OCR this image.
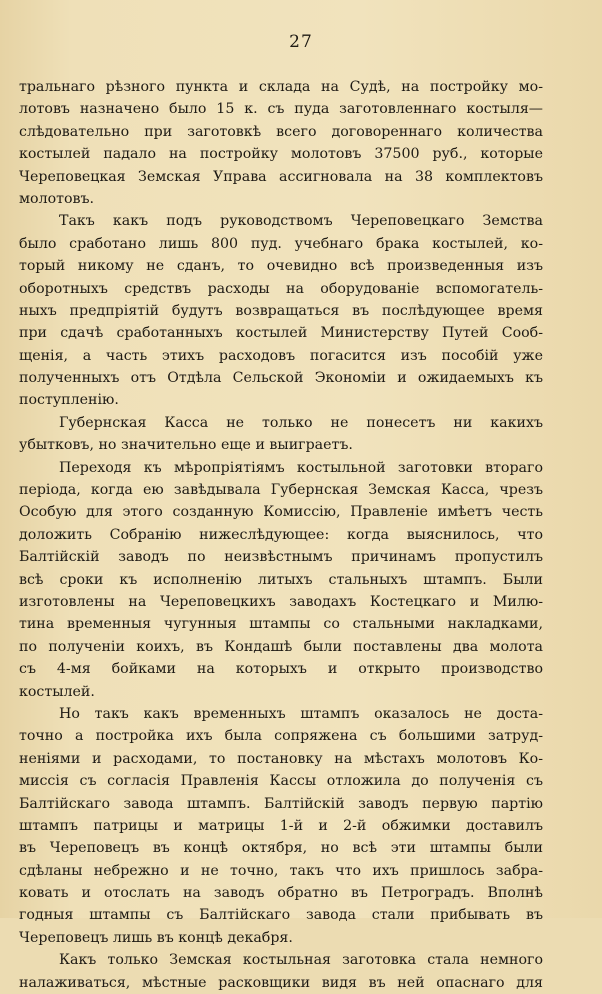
27

тральнаго рѣзного пункта и склада на Судѣ, на постройку мо-
лотовъ назначено было 15 к. съ пуда заготовленнаго костыля—
слѣдовательно при заготовкѣ всего договореннаго количества
костылей падало на постройку молотовъ 37500 руб., которые
Череповецкая Земская Управа ассигновала на 38 комплектовъ
молотовъ.

Такъ какъ подъ руководствомъ Череповецкаго Земства
было сработано лишь 800 пуд. учебнаго брака костылей, ко-
торый никому не сданъ, то очевидно всѣ произведенныя изъ
оборотныхъ средствъ расходы на оборудованіе вспомогатель-
ныхъ предпріятій будутъ возвращаться въ послѣдующее время
при сдачѣ сработанныхъ костылей Министерству Путей Сооб-
щенія, а часть этихъ расходовъ погасится изъ пособій уже
полученныхъ отъ Отдѣла Сельской Экономіи и ожидаемыхъ къ
поступленію.

Губернская Касса не только не понесетъ ни какихъ
убытковъ, но значительно еще и выиграетъ.

Переходя къ мѣропріятіямъ костыльной заготовки втораго
періода, когда ею завѣдывала Губернская Земская Касса, чрезъ
Особую для этого созданную Комиссію, Правленіе имѣетъ честь
доложить Собранію нижеслѣдующее: когда выяснилось, что
Балтійскій заводъ по неизвѣстнымъ причинамъ пропустилъ
всѣ сроки къ исполненію литыхъ стальныхъ штампъ. Были
изготовлены на Череповецкихъ заводахъ Костецкаго и Милю-
тина временныя чугунныя штампы со стальными накладками,
по полученіи коихъ, въ Кондашѣ были поставлены два молота
съ 4-мя бойками на которыхъ и открыто производство
костылей.

Но такъ какъ временныхъ штампъ оказалось не доста-
точно а постройка ихъ была сопряжена съ большими затруд-
неніями и расходами, то постановку на мѣстахъ молотовъ Ко-
миссія съ согласія Правленія Кассы отложила до полученія съ
Балтійскаго завода штампъ. Балтійскій заводъ первую партію
штампъ патрицы и матрицы 1-й и 2-й обжимки доставилъ
въ Череповецъ въ концѣ октября, но всѣ эти штампы были
сдѣланы небрежно и не точно, такъ что ихъ пришлось забра-
ковать и отослать на заводъ обратно въ Петроградъ. Вполнѣ
годныя штампы съ Балтійскаго завода стали прибывать въ
Череповецъ лишь въ концѣ декабря.

Какъ только Земская костыльная заготовка стала немного
налаживаться, мѣстные расковщики видя въ ней опаснаго для
